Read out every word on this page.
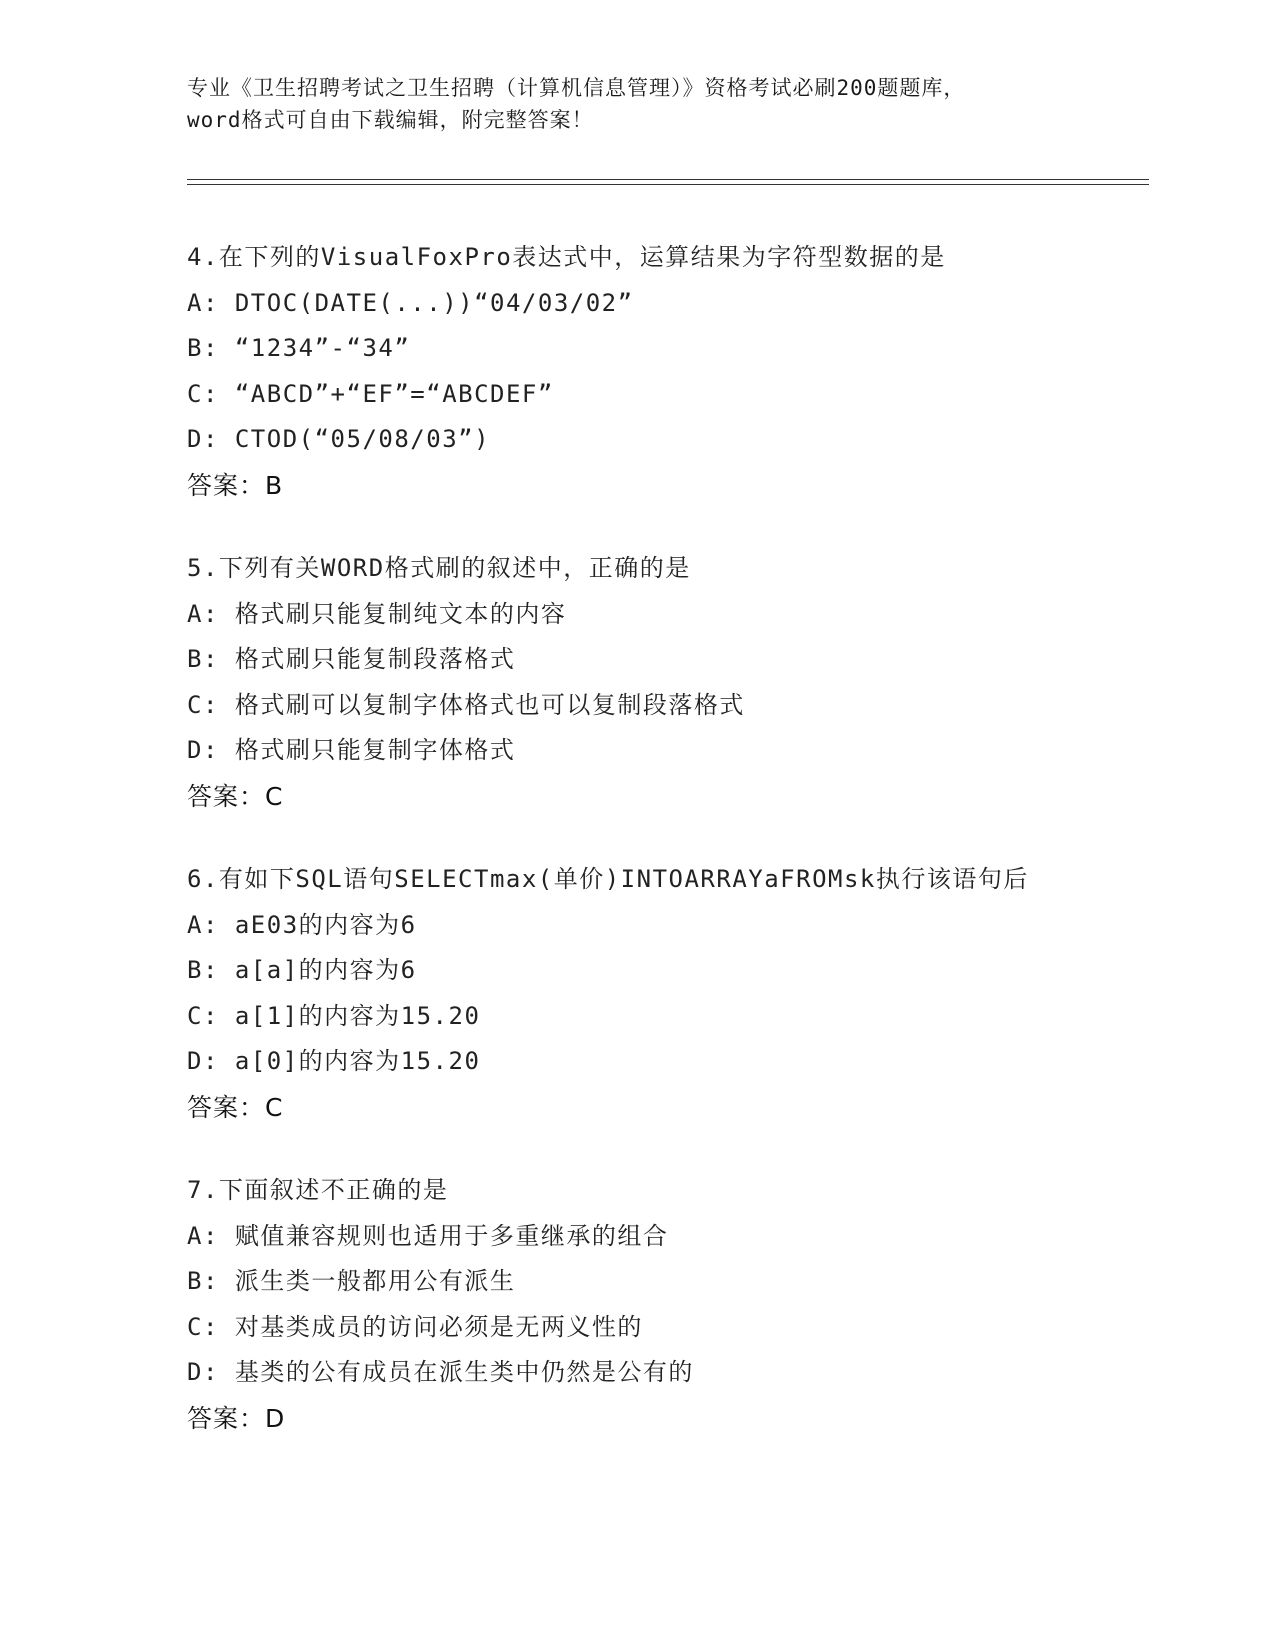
专业《卫生招聘考试之卫生招聘（计算机信息管理）》资格考试必刷200题题库，
word格式可自由下载编辑，附完整答案！
4.在下列的VisualFoxPro表达式中，运算结果为字符型数据的是
A: DTOC(DATE(...))“04/03/02”
B: “1234”-“34”
C: “ABCD”+“EF”=“ABCDEF”
D: CTOD(“05/08/03”)
答案：B
5.下列有关WORD格式刷的叙述中，正确的是
A: 格式刷只能复制纯文本的内容
B: 格式刷只能复制段落格式
C: 格式刷可以复制字体格式也可以复制段落格式
D: 格式刷只能复制字体格式
答案：C
6.有如下SQL语句SELECTmax(单价)INTOARRAYaFROMsk执行该语句后
A: aE03的内容为6
B: a[a]的内容为6
C: a[1]的内容为15.20
D: a[0]的内容为15.20
答案：C
7.下面叙述不正确的是
A: 赋值兼容规则也适用于多重继承的组合
B: 派生类一般都用公有派生
C: 对基类成员的访问必须是无两义性的
D: 基类的公有成员在派生类中仍然是公有的
答案：D
